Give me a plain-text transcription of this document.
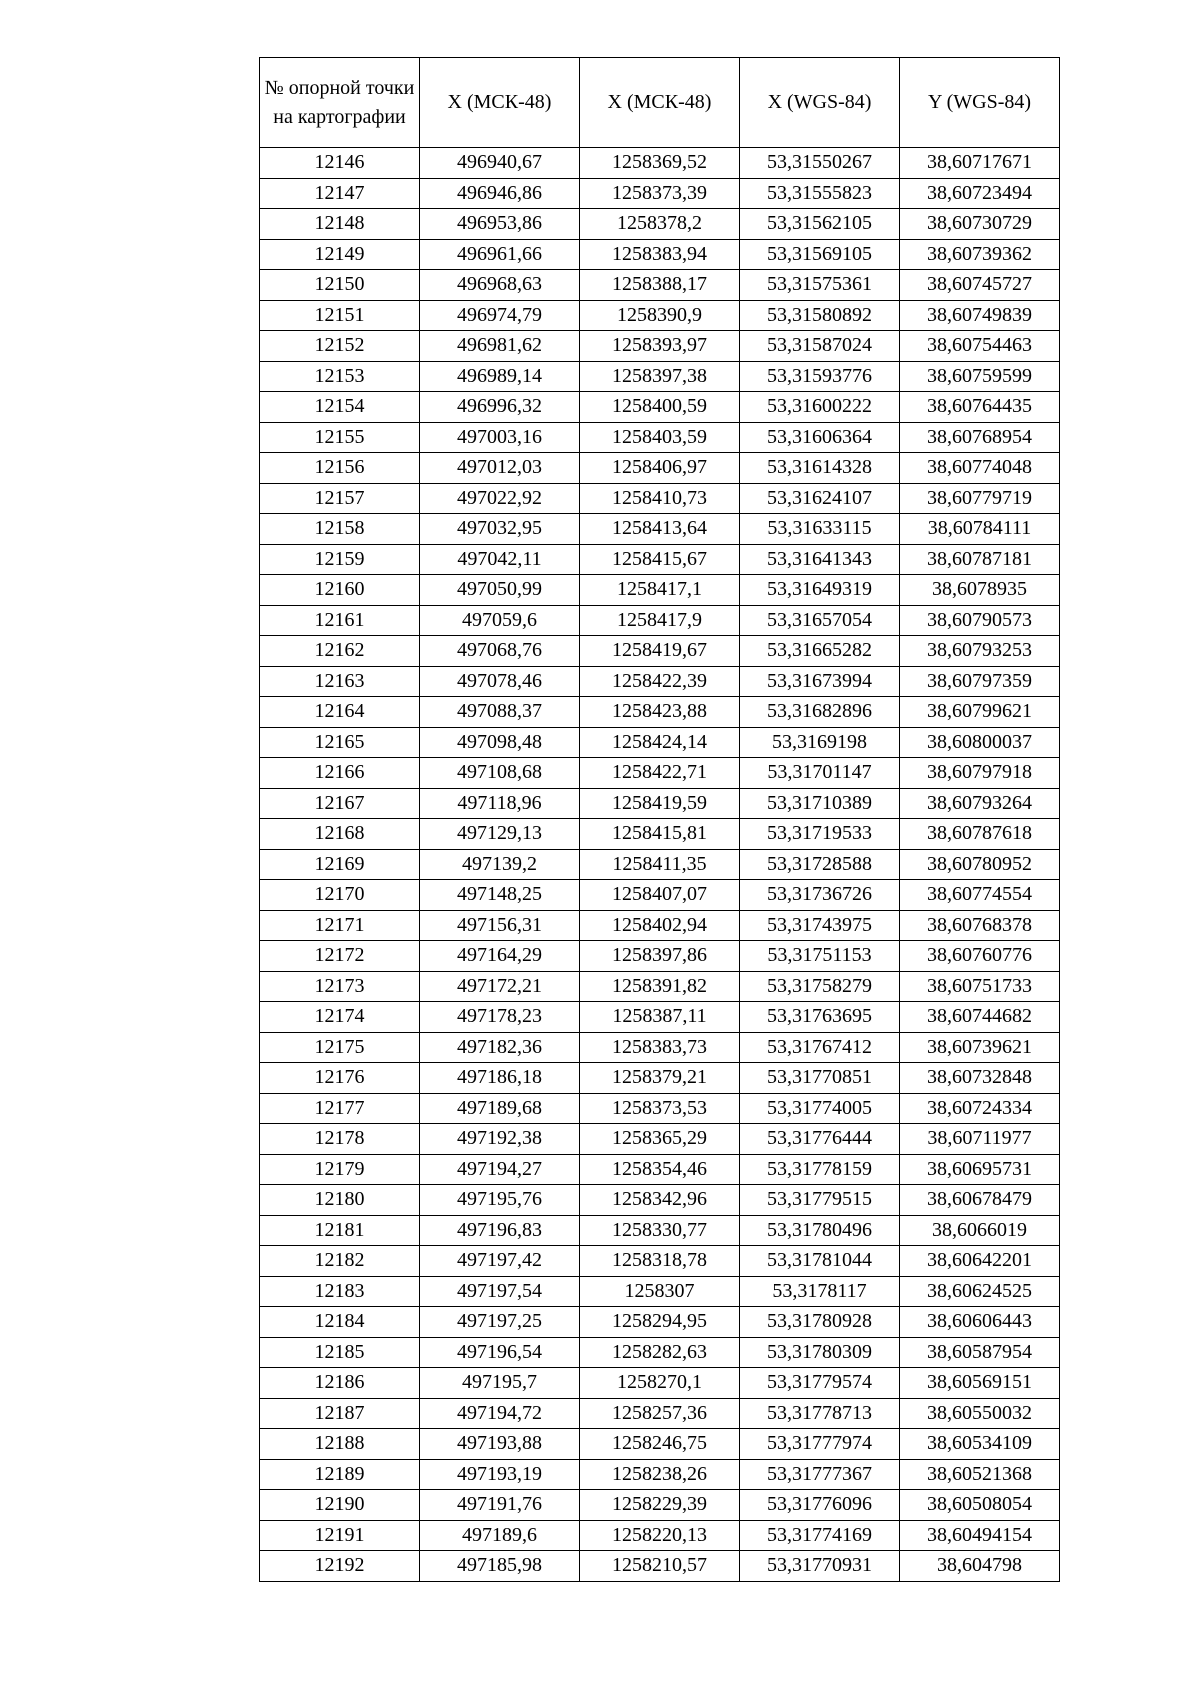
№ опорной точки на картографии	X (МСК-48)	X (МСК-48)	X (WGS-84)	Y (WGS-84)
12146	496940,67	1258369,52	53,31550267	38,60717671
12147	496946,86	1258373,39	53,31555823	38,60723494
12148	496953,86	1258378,2	53,31562105	38,60730729
12149	496961,66	1258383,94	53,31569105	38,60739362
12150	496968,63	1258388,17	53,31575361	38,60745727
12151	496974,79	1258390,9	53,31580892	38,60749839
12152	496981,62	1258393,97	53,31587024	38,60754463
12153	496989,14	1258397,38	53,31593776	38,60759599
12154	496996,32	1258400,59	53,31600222	38,60764435
12155	497003,16	1258403,59	53,31606364	38,60768954
12156	497012,03	1258406,97	53,31614328	38,60774048
12157	497022,92	1258410,73	53,31624107	38,60779719
12158	497032,95	1258413,64	53,31633115	38,60784111
12159	497042,11	1258415,67	53,31641343	38,60787181
12160	497050,99	1258417,1	53,31649319	38,6078935
12161	497059,6	1258417,9	53,31657054	38,60790573
12162	497068,76	1258419,67	53,31665282	38,60793253
12163	497078,46	1258422,39	53,31673994	38,60797359
12164	497088,37	1258423,88	53,31682896	38,60799621
12165	497098,48	1258424,14	53,3169198	38,60800037
12166	497108,68	1258422,71	53,31701147	38,60797918
12167	497118,96	1258419,59	53,31710389	38,60793264
12168	497129,13	1258415,81	53,31719533	38,60787618
12169	497139,2	1258411,35	53,31728588	38,60780952
12170	497148,25	1258407,07	53,31736726	38,60774554
12171	497156,31	1258402,94	53,31743975	38,60768378
12172	497164,29	1258397,86	53,31751153	38,60760776
12173	497172,21	1258391,82	53,31758279	38,60751733
12174	497178,23	1258387,11	53,31763695	38,60744682
12175	497182,36	1258383,73	53,31767412	38,60739621
12176	497186,18	1258379,21	53,31770851	38,60732848
12177	497189,68	1258373,53	53,31774005	38,60724334
12178	497192,38	1258365,29	53,31776444	38,60711977
12179	497194,27	1258354,46	53,31778159	38,60695731
12180	497195,76	1258342,96	53,31779515	38,60678479
12181	497196,83	1258330,77	53,31780496	38,6066019
12182	497197,42	1258318,78	53,31781044	38,60642201
12183	497197,54	1258307	53,3178117	38,60624525
12184	497197,25	1258294,95	53,31780928	38,60606443
12185	497196,54	1258282,63	53,31780309	38,60587954
12186	497195,7	1258270,1	53,31779574	38,60569151
12187	497194,72	1258257,36	53,31778713	38,60550032
12188	497193,88	1258246,75	53,31777974	38,60534109
12189	497193,19	1258238,26	53,31777367	38,60521368
12190	497191,76	1258229,39	53,31776096	38,60508054
12191	497189,6	1258220,13	53,31774169	38,60494154
12192	497185,98	1258210,57	53,31770931	38,604798
